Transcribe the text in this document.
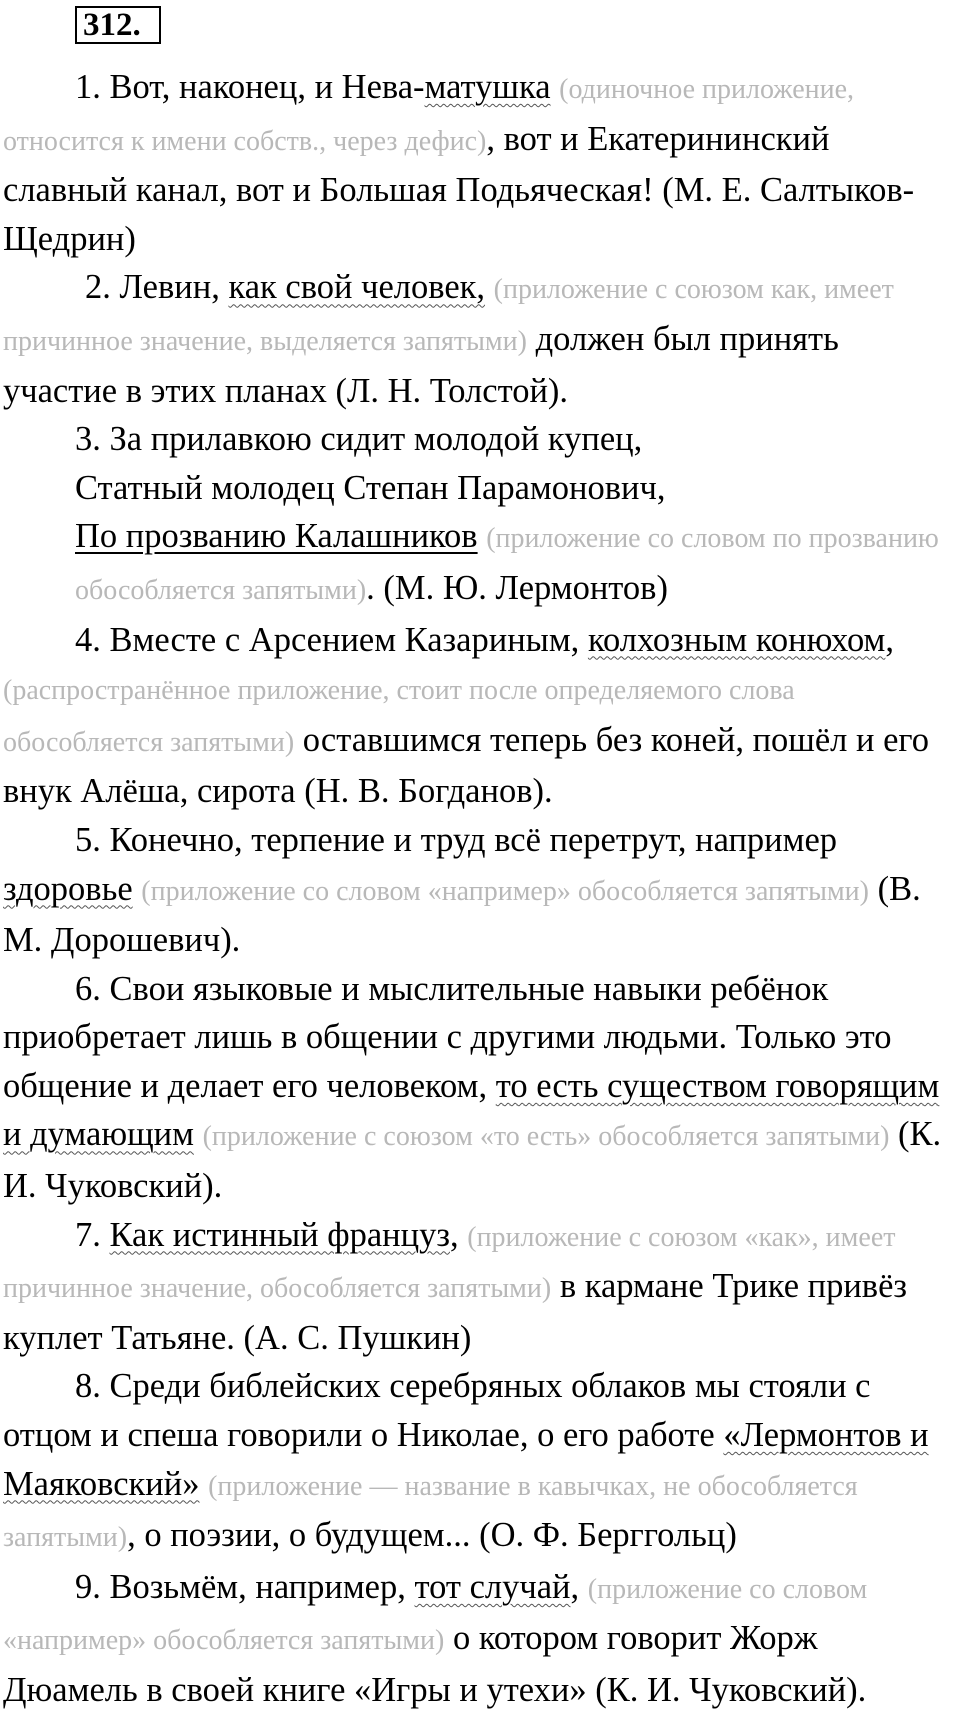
312.

1. Вот, наконец, и Нева-матушка (одиночное приложение, относится к имени собств., через дефис), вот и Екатерининский славный канал, вот и Большая Подьяческая! (М. Е. Салтыков-Щедрин)

2. Левин, как свой человек, (приложение с союзом как, имеет причинное значение, выделяется запятыми) должен был принять участие в этих планах (Л. Н. Толстой).

3. За прилавкою сидит молодой купец,

Статный молодец Степан Парамонович,

По прозванию Калашников (приложение со словом по прозванию обособляется запятыми). (М. Ю. Лермонтов)

4. Вместе с Арсением Казариным, колхозным конюхом, (распространённое приложение, стоит после определяемого слова обособляется запятыми) оставшимся теперь без коней, пошёл и его внук Алёша, сирота (Н. В. Богданов).

5. Конечно, терпение и труд всё перетрут, например здоровье (приложение со словом «например» обособляется запятыми) (В. М. Дорошевич).

6. Свои языковые и мыслительные навыки ребёнок приобретает лишь в общении с другими людьми. Только это общение и делает его человеком, то есть существом говорящим и думающим (приложение с союзом «то есть» обособляется запятыми) (К. И. Чуковский).

7. Как истинный француз, (приложение с союзом «как», имеет причинное значение, обособляется запятыми) в кармане Трике привёз куплет Татьяне. (А. С. Пушкин)

8. Среди библейских серебряных облаков мы стояли с отцом и спеша говорили о Николае, о его работе «Лермонтов и Маяковский» (приложение — название в кавычках, не обособляется запятыми), о поэзии, о будущем... (О. Ф. Берггольц)

9. Возьмём, например, тот случай, (приложение со словом «например» обособляется запятыми) о котором говорит Жорж Дюамель в своей книге «Игры и утехи» (К. И. Чуковский).
